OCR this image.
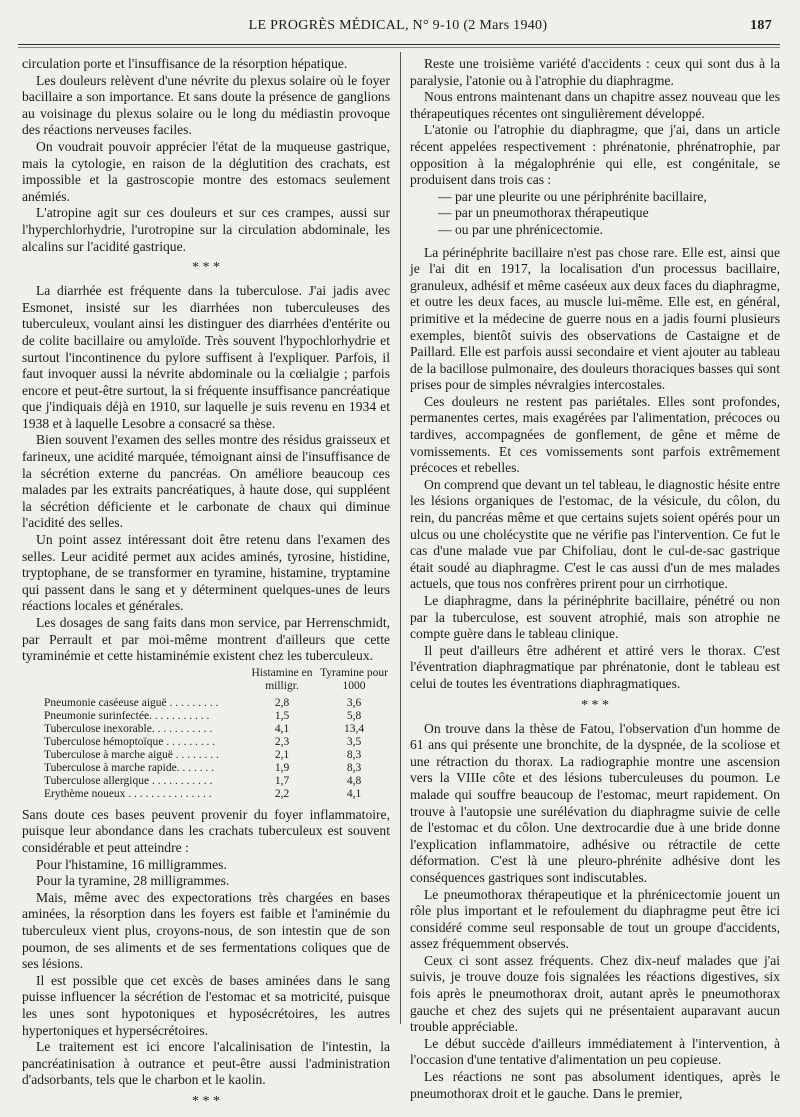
LE PROGRÈS MÉDICAL, N° 9-10 (2 Mars 1940)	187

circulation porte et l'insuffisance de la résorption hépatique.

Les douleurs relèvent d'une névrite du plexus solaire où le foyer bacillaire a son importance. Et sans doute la présence de ganglions au voisinage du plexus solaire ou le long du médiastin provoque des réactions nerveuses faciles.

On voudrait pouvoir apprécier l'état de la muqueuse gastrique, mais la cytologie, en raison de la déglutition des crachats, est impossible et la gastroscopie montre des estomacs seulement anémiés.

L'atropine agit sur ces douleurs et sur ces crampes, aussi sur l'hyperchlorhydrie, l'urotropine sur la circulation abdominale, les alcalins sur l'acidité gastrique.

* * *

La diarrhée est fréquente dans la tuberculose. J'ai jadis avec Esmonet, insisté sur les diarrhées non tuberculeuses des tuberculeux, voulant ainsi les distinguer des diarrhées d'entérite ou de colite bacillaire ou amyloïde. Très souvent l'hypochlorhydrie et surtout l'incontinence du pylore suffisent à l'expliquer. Parfois, il faut invoquer aussi la névrite abdominale ou la cœlialgie ; parfois encore et peut-être surtout, la si fréquente insuffisance pancréatique que j'indiquais déjà en 1910, sur laquelle je suis revenu en 1934 et 1938 et à laquelle Lesobre a consacré sa thèse.

Bien souvent l'examen des selles montre des résidus graisseux et farineux, une acidité marquée, témoignant ainsi de l'insuffisance de la sécrétion externe du pancréas. On améliore beaucoup ces malades par les extraits pancréatiques, à haute dose, qui suppléent la sécrétion déficiente et le carbonate de chaux qui diminue l'acidité des selles.

Un point assez intéressant doit être retenu dans l'examen des selles. Leur acidité permet aux acides aminés, tyrosine, histidine, tryptophane, de se transformer en tyramine, histamine, tryptamine qui passent dans le sang et y déterminent quelques-unes de leurs réactions locales et générales.

Les dosages de sang faits dans mon service, par Herrenschmidt, par Perrault et par moi-même montrent d'ailleurs que cette tyraminémie et cette histaminémie existent chez les tuberculeux.

	Histamine en milligr.	Tyramine pour 1000
Pneumonie caséeuse aiguë . . . . . . . . .	2,8	3,6
Pneumonie surinfectée. . . . . . . . . . .	1,5	5,8
Tuberculose inexorable. . . . . . . . . . .	4,1	13,4
Tuberculose hémoptoïque . . . . . . . . .	2,3	3,5
Tuberculose à marche aiguë . . . . . . . .	2,1	8,3
Tuberculose à marche rapide. . . . . . .	1,9	8,3
Tuberculose allergique . . . . . . . . . . .	1,7	4,8
Erythème noueux . . . . . . . . . . . . . . .	2,2	4,1

Sans doute ces bases peuvent provenir du foyer inflammatoire, puisque leur abondance dans les crachats tuberculeux est souvent considérable et peut atteindre :

Pour l'histamine, 16 milligrammes.

Pour la tyramine, 28 milligrammes.

Mais, même avec des expectorations très chargées en bases aminées, la résorption dans les foyers est faible et l'aminémie du tuberculeux vient plus, croyons-nous, de son intestin que de son poumon, de ses aliments et de ses fermentations coliques que de ses lésions.

Il est possible que cet excès de bases aminées dans le sang puisse influencer la sécrétion de l'estomac et sa motricité, puisque les unes sont hypotoniques et hyposécrétoires, les autres hypertoniques et hypersécrétoires.

Le traitement est ici encore l'alcalinisation de l'intestin, la pancréatinisation à outrance et peut-être aussi l'administration d'adsorbants, tels que le charbon et le kaolin.

* * *

Reste une troisième variété d'accidents : ceux qui sont dus à la paralysie, l'atonie ou à l'atrophie du diaphragme.

Nous entrons maintenant dans un chapitre assez nouveau que les thérapeutiques récentes ont singulièrement développé.

L'atonie ou l'atrophie du diaphragme, que j'ai, dans un article récent appelées respectivement : phrénatonie, phrénatrophie, par opposition à la mégalophrénie qui elle, est congénitale, se produisent dans trois cas :

— par une pleurite ou une périphrénite bacillaire,

— par un pneumothorax thérapeutique

— ou par une phrénicectomie.

La périnéphrite bacillaire n'est pas chose rare. Elle est, ainsi que je l'ai dit en 1917, la localisation d'un processus bacillaire, granuleux, adhésif et même caséeux aux deux faces du diaphragme, et outre les deux faces, au muscle lui-même. Elle est, en général, primitive et la médecine de guerre nous en a jadis fourni plusieurs exemples, bientôt suivis des observations de Castaigne et de Paillard. Elle est parfois aussi secondaire et vient ajouter au tableau de la bacillose pulmonaire, des douleurs thoraciques basses qui sont prises pour de simples névralgies intercostales.

Ces douleurs ne restent pas pariétales. Elles sont profondes, permanentes certes, mais exagérées par l'alimentation, précoces ou tardives, accompagnées de gonflement, de gêne et même de vomissements. Et ces vomissements sont parfois extrêmement précoces et rebelles.

On comprend que devant un tel tableau, le diagnostic hésite entre les lésions organiques de l'estomac, de la vésicule, du côlon, du rein, du pancréas même et que certains sujets soient opérés pour un ulcus ou une cholécystite que ne vérifie pas l'intervention. Ce fut le cas d'une malade vue par Chifoliau, dont le cul-de-sac gastrique était soudé au diaphragme. C'est le cas aussi d'un de mes malades actuels, que tous nos confrères prirent pour un cirrhotique.

Le diaphragme, dans la périnéphrite bacillaire, pénétré ou non par la tuberculose, est souvent atrophié, mais son atrophie ne compte guère dans le tableau clinique.

Il peut d'ailleurs être adhérent et attiré vers le thorax. C'est l'éventration diaphragmatique par phrénatonie, dont le tableau est celui de toutes les éventrations diaphragmatiques.

* * *

On trouve dans la thèse de Fatou, l'observation d'un homme de 61 ans qui présente une bronchite, de la dyspnée, de la scoliose et une rétraction du thorax. La radiographie montre une ascension vers la VIIIe côte et des lésions tuberculeuses du poumon. Le malade qui souffre beaucoup de l'estomac, meurt rapidement. On trouve à l'autopsie une surélévation du diaphragme suivie de celle de l'estomac et du côlon. Une dextrocardie due à une bride donne l'explication inflammatoire, adhésive ou rétractile de cette déformation. C'est là une pleuro-phrénite adhésive dont les conséquences gastriques sont indiscutables.

Le pneumothorax thérapeutique et la phrénicectomie jouent un rôle plus important et le refoulement du diaphragme peut être ici considéré comme seul responsable de tout un groupe d'accidents, assez fréquemment observés.

Ceux ci sont assez fréquents. Chez dix-neuf malades que j'ai suivis, je trouve douze fois signalées les réactions digestives, six fois après le pneumothorax droit, autant après le pneumothorax gauche et chez des sujets qui ne présentaient auparavant aucun trouble appréciable.

Le début succède d'ailleurs immédiatement à l'intervention, à l'occasion d'une tentative d'alimentation un peu copieuse.

Les réactions ne sont pas absolument identiques, après le pneumothorax droit et le gauche. Dans le premier,
